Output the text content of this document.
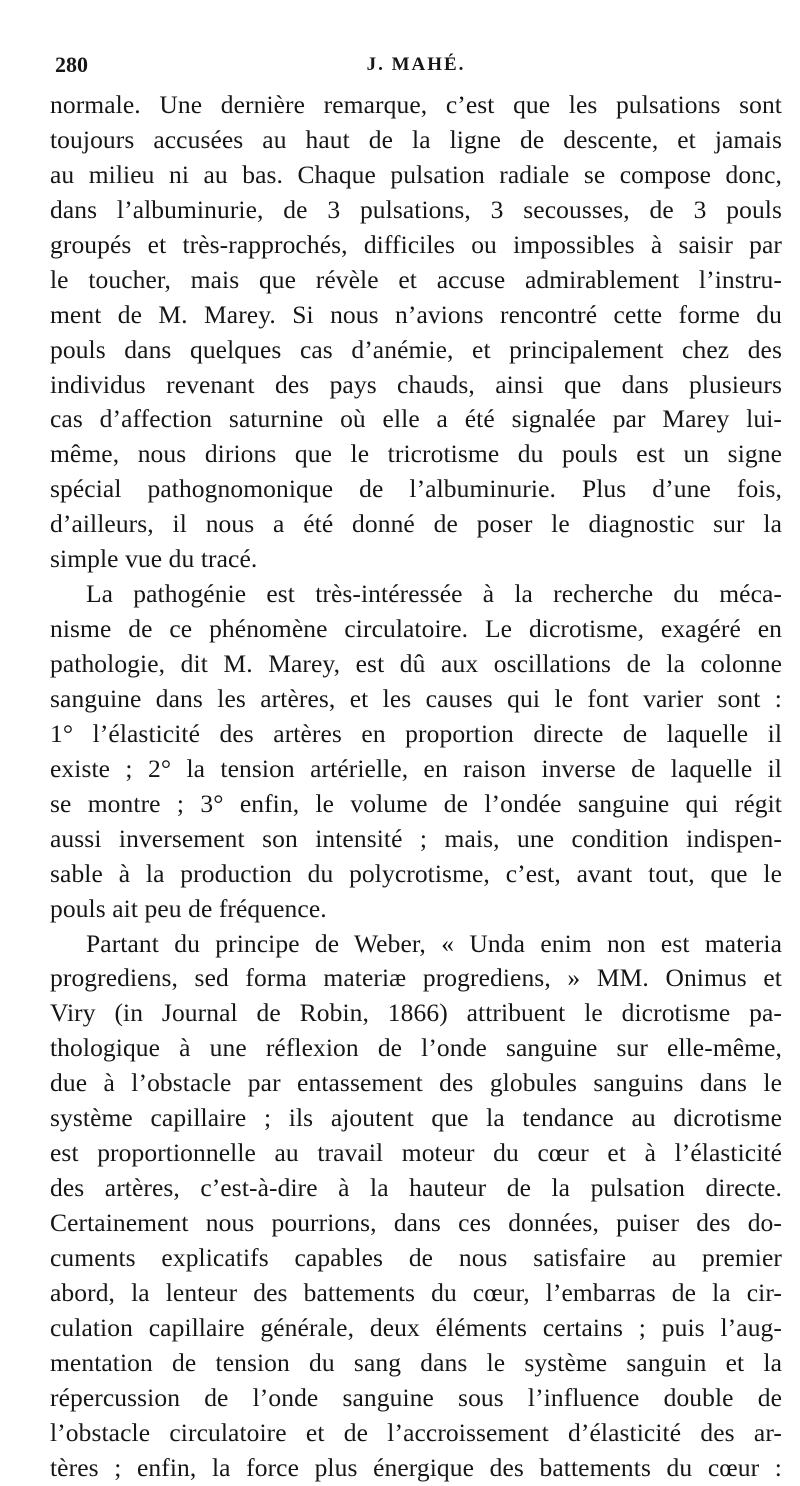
280	J. MAHÉ.
normale. Une dernière remarque, c’est que les pulsations sont
toujours accusées au haut de la ligne de descente, et jamais
au milieu ni au bas. Chaque pulsation radiale se compose donc,
dans l’albuminurie, de 3 pulsations, 3 secousses, de 3 pouls
groupés et très-rapprochés, difficiles ou impossibles à saisir par
le toucher, mais que révèle et accuse admirablement l’instru-
ment de M. Marey. Si nous n’avions rencontré cette forme du
pouls dans quelques cas d’anémie, et principalement chez des
individus revenant des pays chauds, ainsi que dans plusieurs
cas d’affection saturnine où elle a été signalée par Marey lui-
même, nous dirions que le tricrotisme du pouls est un signe
spécial pathognomonique de l’albuminurie. Plus d’une fois,
d’ailleurs, il nous a été donné de poser le diagnostic sur la
simple vue du tracé.
La pathogénie est très-intéressée à la recherche du méca-
nisme de ce phénomène circulatoire. Le dicrotisme, exagéré en
pathologie, dit M. Marey, est dû aux oscillations de la colonne
sanguine dans les artères, et les causes qui le font varier sont :
1° l’élasticité des artères en proportion directe de laquelle il
existe ; 2° la tension artérielle, en raison inverse de laquelle il
se montre ; 3° enfin, le volume de l’ondée sanguine qui régit
aussi inversement son intensité ; mais, une condition indispen-
sable à la production du polycrotisme, c’est, avant tout, que le
pouls ait peu de fréquence.
Partant du principe de Weber, « Unda enim non est materia
progrediens, sed forma materiæ progrediens, » MM. Onimus et
Viry (in Journal de Robin, 1866) attribuent le dicrotisme pa-
thologique à une réflexion de l’onde sanguine sur elle-même,
due à l’obstacle par entassement des globules sanguins dans le
système capillaire ; ils ajoutent que la tendance au dicrotisme
est proportionnelle au travail moteur du cœur et à l’élasticité
des artères, c’est-à-dire à la hauteur de la pulsation directe.
Certainement nous pourrions, dans ces données, puiser des do-
cuments explicatifs capables de nous satisfaire au premier
abord, la lenteur des battements du cœur, l’embarras de la cir-
culation capillaire générale, deux éléments certains ; puis l’aug-
mentation de tension du sang dans le système sanguin et la
répercussion de l’onde sanguine sous l’influence double de
l’obstacle circulatoire et de l’accroissement d’élasticité des ar-
tères ; enfin, la force plus énergique des battements du cœur :
